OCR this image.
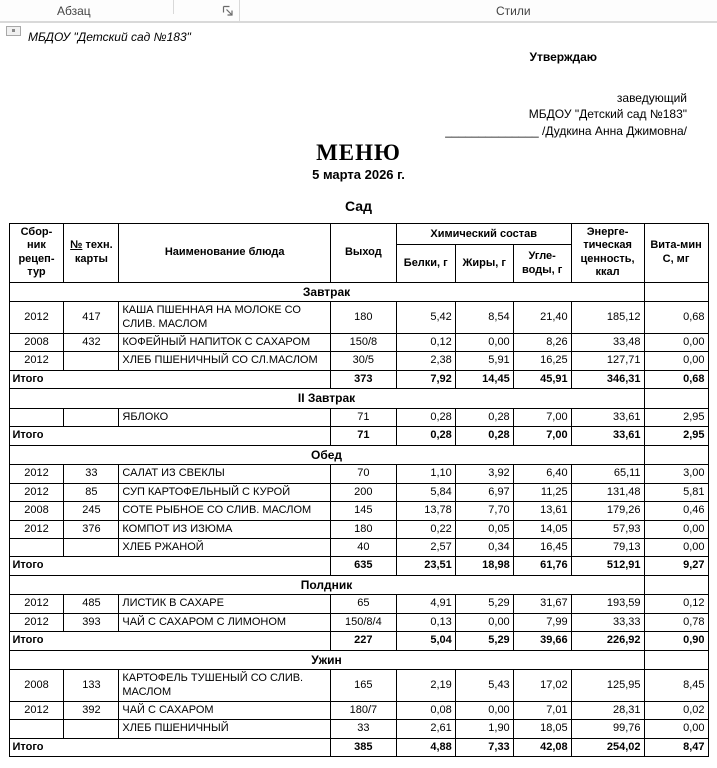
Абзац	Стили
МБДОУ "Детский сад №183"
Утверждаю
заведующий
МБДОУ "Детский сад №183"
______________ /Дудкина Анна Джимовна/
МЕНЮ
5 марта 2026 г.
Сад
Сбор-ник рецеп-тур	№ техн. карты	Наименование блюда	Выход	Химический состав			Энерге-тическая ценность, ккал	Вита-мин С, мг
				Белки, г	Жиры, г	Угле-воды, г		
Завтрак								
2012	417	КАША ПШЕННАЯ НА МОЛОКЕ СО СЛИВ. МАСЛОМ	180	5,42	8,54	21,40	185,12	0,68
2008	432	КОФЕЙНЫЙ НАПИТОК С САХАРОМ	150/8	0,12	0,00	8,26	33,48	0,00
2012		ХЛЕБ ПШЕНИЧНЫЙ СО СЛ.МАСЛОМ	30/5	2,38	5,91	16,25	127,71	0,00
Итого			373	7,92	14,45	45,91	346,31	0,68
II Завтрак								
		ЯБЛОКО	71	0,28	0,28	7,00	33,61	2,95
Итого			71	0,28	0,28	7,00	33,61	2,95
Обед								
2012	33	САЛАТ ИЗ СВЕКЛЫ	70	1,10	3,92	6,40	65,11	3,00
2012	85	СУП КАРТОФЕЛЬНЫЙ С КУРОЙ	200	5,84	6,97	11,25	131,48	5,81
2008	245	СОТЕ РЫБНОЕ СО СЛИВ. МАСЛОМ	145	13,78	7,70	13,61	179,26	0,46
2012	376	КОМПОТ ИЗ ИЗЮМА	180	0,22	0,05	14,05	57,93	0,00
		ХЛЕБ РЖАНОЙ	40	2,57	0,34	16,45	79,13	0,00
Итого			635	23,51	18,98	61,76	512,91	9,27
Полдник								
2012	485	ЛИСТИК В САХАРЕ	65	4,91	5,29	31,67	193,59	0,12
2012	393	ЧАЙ С САХАРОМ С ЛИМОНОМ	150/8/4	0,13	0,00	7,99	33,33	0,78
Итого			227	5,04	5,29	39,66	226,92	0,90
Ужин								
2008	133	КАРТОФЕЛЬ ТУШЕНЫЙ СО СЛИВ. МАСЛОМ	165	2,19	5,43	17,02	125,95	8,45
2012	392	ЧАЙ С САХАРОМ	180/7	0,08	0,00	7,01	28,31	0,02
		ХЛЕБ ПШЕНИЧНЫЙ	33	2,61	1,90	18,05	99,76	0,00
Итого			385	4,88	7,33	42,08	254,02	8,47
